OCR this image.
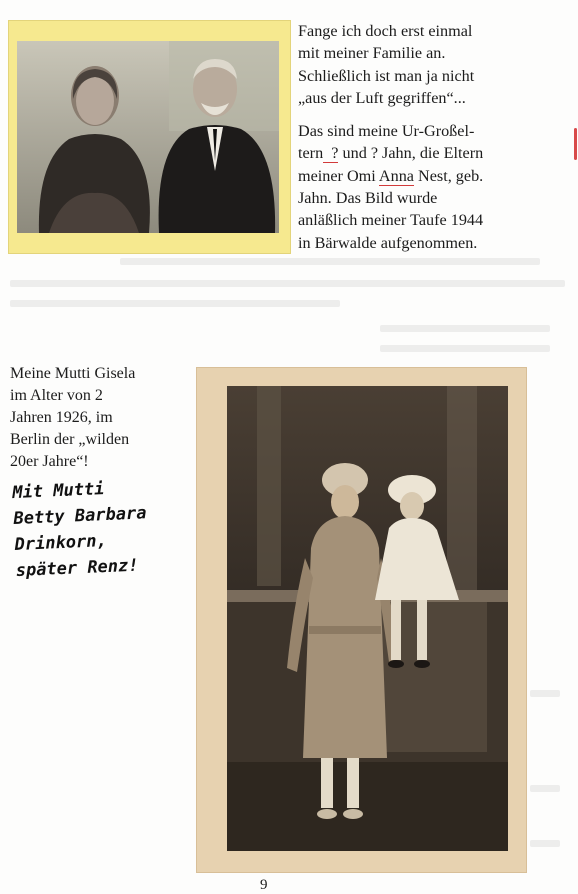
Fange ich doch erst einmal
mit meiner Familie an.
Schließlich ist man ja nicht
„aus der Luft gegriffen“...

Das sind meine Ur-Großel-
tern ? und ? Jahn, die Eltern
meiner Omi Anna Nest, geb.
Jahn. Das Bild wurde
anläßlich meiner Taufe 1944
in Bärwalde aufgenommen.

Meine Mutti Gisela
im Alter von 2
Jahren 1926, im
Berlin der „wilden
20er Jahre“!
Mit Mutti
Betty Barbara
Drinkorn,
später Renz!
9
